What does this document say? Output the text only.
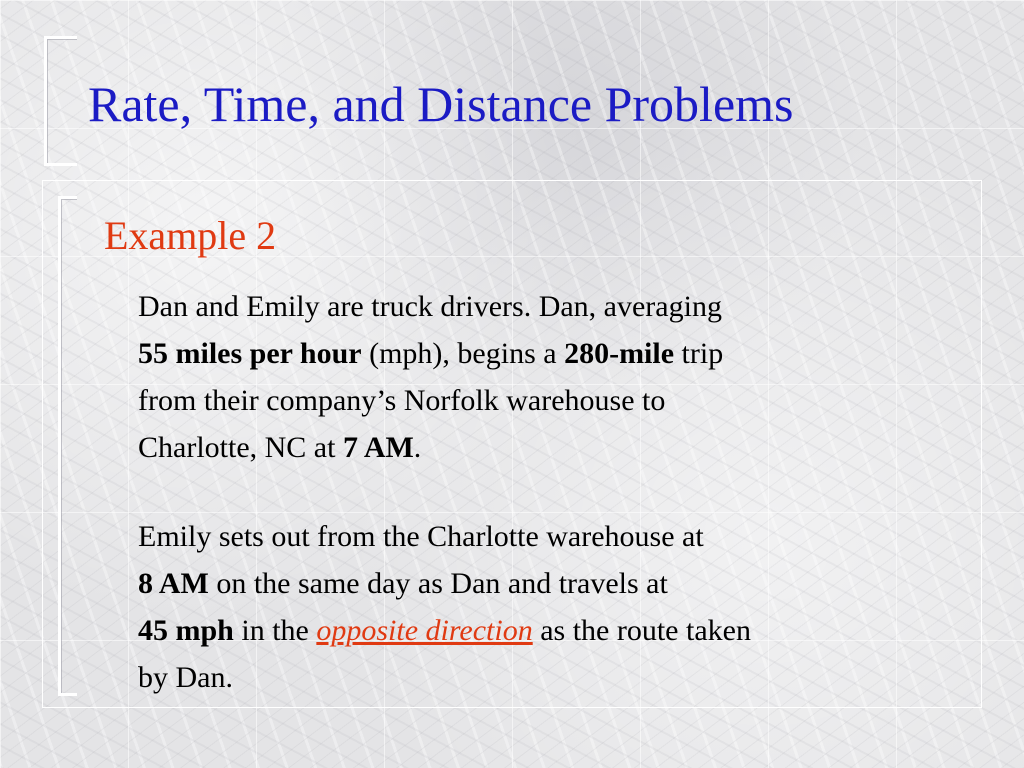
Rate, Time, and Distance Problems
Example 2
Dan and Emily are truck drivers. Dan, averaging
55 miles per hour (mph), begins a 280-mile trip
from their company’s Norfolk warehouse to
Charlotte, NC at 7 AM.
Emily sets out from the Charlotte warehouse at
8 AM on the same day as Dan and travels at
45 mph in the opposite direction as the route taken
by Dan.
